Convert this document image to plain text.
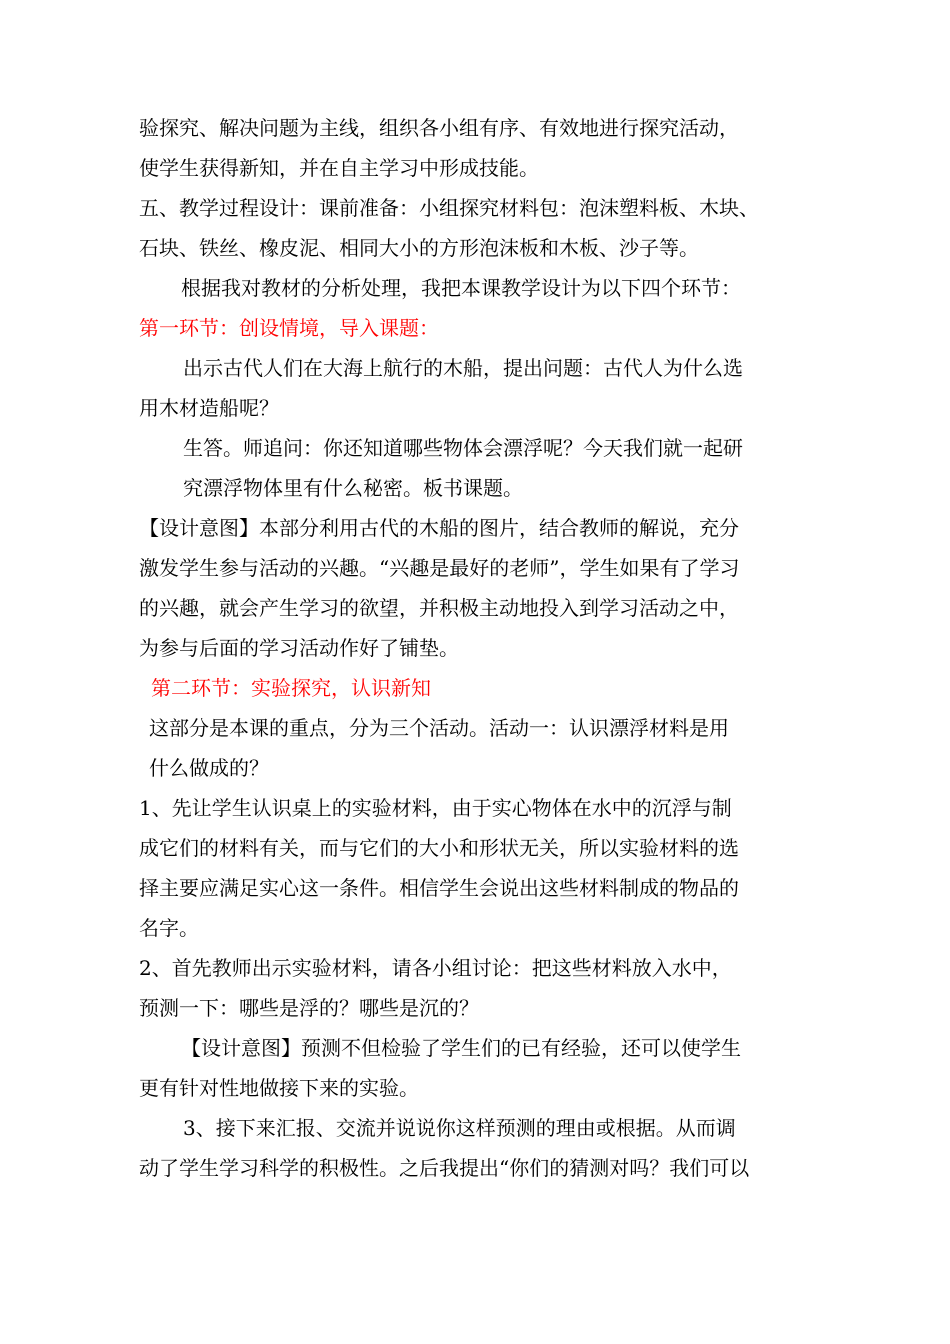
验探究、解决问题为主线，组织各小组有序、有效地进行探究活动，
使学生获得新知，并在自主学习中形成技能。
五、教学过程设计：课前准备：小组探究材料包：泡沫塑料板、木块、
石块、铁丝、橡皮泥、相同大小的方形泡沫板和木板、沙子等。
根据我对教材的分析处理，我把本课教学设计为以下四个环节：
第一环节：创设情境，导入课题：
出示古代人们在大海上航行的木船，提出问题：古代人为什么选
用木材造船呢？
生答。师追问：你还知道哪些物体会漂浮呢？今天我们就一起研
究漂浮物体里有什么秘密。板书课题。
【设计意图】本部分利用古代的木船的图片，结合教师的解说，充分
激发学生参与活动的兴趣。“兴趣是最好的老师”，学生如果有了学习
的兴趣，就会产生学习的欲望，并积极主动地投入到学习活动之中，
为参与后面的学习活动作好了铺垫。
第二环节：实验探究，认识新知
这部分是本课的重点，分为三个活动。活动一：认识漂浮材料是用
什么做成的？
1、先让学生认识桌上的实验材料，由于实心物体在水中的沉浮与制
成它们的材料有关，而与它们的大小和形状无关，所以实验材料的选
择主要应满足实心这一条件。相信学生会说出这些材料制成的物品的
名字。
2、首先教师出示实验材料，请各小组讨论：把这些材料放入水中，
预测一下：哪些是浮的？哪些是沉的？
【设计意图】预测不但检验了学生们的已有经验，还可以使学生
更有针对性地做接下来的实验。
3、接下来汇报、交流并说说你这样预测的理由或根据。从而调
动了学生学习科学的积极性。之后我提出“你们的猜测对吗？我们可以
